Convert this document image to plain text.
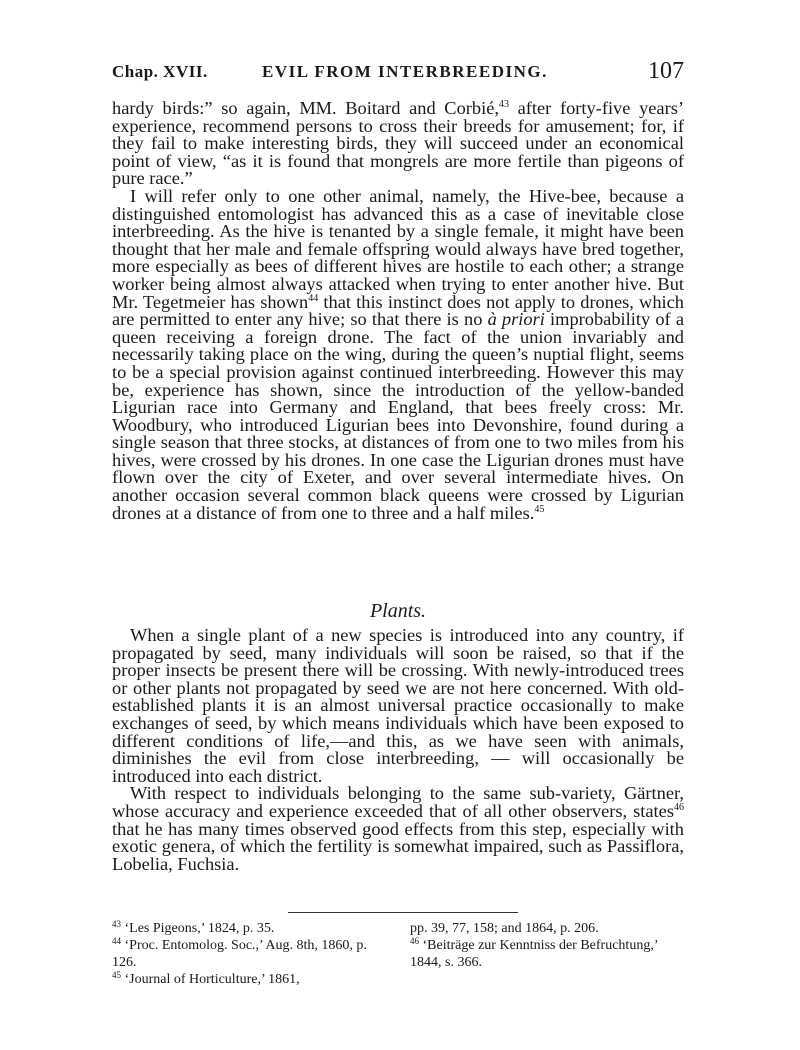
Chap. XVII.	EVIL FROM INTERBREEDING.	107

hardy birds:” so again, MM. Boitard and Corbié,$^{43}$ after forty-five years’ experience, recommend persons to cross their breeds for amusement; for, if they fail to make interesting birds, they will succeed under an economical point of view, “as it is found that mongrels are more fertile than pigeons of pure race.”

I will refer only to one other animal, namely, the Hive-bee, because a distinguished entomologist has advanced this as a case of inevitable close interbreeding. As the hive is tenanted by a single female, it might have been thought that her male and female offspring would always have bred together, more especially as bees of different hives are hostile to each other; a strange worker being almost always attacked when trying to enter another hive. But Mr. Tegetmeier has shown$^{44}$ that this instinct does not apply to drones, which are permitted to enter any hive; so that there is no à priori improbability of a queen receiving a foreign drone. The fact of the union invariably and necessarily taking place on the wing, during the queen’s nuptial flight, seems to be a special provision against continued interbreeding. However this may be, experience has shown, since the introduction of the yellow-banded Ligurian race into Germany and England, that bees freely cross: Mr. Woodbury, who introduced Ligurian bees into Devonshire, found during a single season that three stocks, at distances of from one to two miles from his hives, were crossed by his drones. In one case the Ligurian drones must have flown over the city of Exeter, and over several intermediate hives. On another occasion several common black queens were crossed by Ligurian drones at a distance of from one to three and a half miles.$^{45}$

Plants.

When a single plant of a new species is introduced into any country, if propagated by seed, many individuals will soon be raised, so that if the proper insects be present there will be crossing. With newly-introduced trees or other plants not propagated by seed we are not here concerned. With old-established plants it is an almost universal practice occasionally to make exchanges of seed, by which means individuals which have been exposed to different conditions of life,—and this, as we have seen with animals, diminishes the evil from close interbreeding, — will occasionally be introduced into each district.

With respect to individuals belonging to the same sub-variety, Gärtner, whose accuracy and experience exceeded that of all other observers, states$^{46}$ that he has many times observed good effects from this step, especially with exotic genera, of which the fertility is somewhat impaired, such as Passiflora, Lobelia, Fuchsia.

$^{43}$ ‘Les Pigeons,’ 1824, p. 35.

$^{44}$ ‘Proc. Entomolog. Soc.,’ Aug. 8th, 1860, p. 126.

$^{45}$ ‘Journal of Horticulture,’ 1861,

pp. 39, 77, 158; and 1864, p. 206.

$^{46}$ ‘Beiträge zur Kenntniss der Befruchtung,’ 1844, s. 366.
